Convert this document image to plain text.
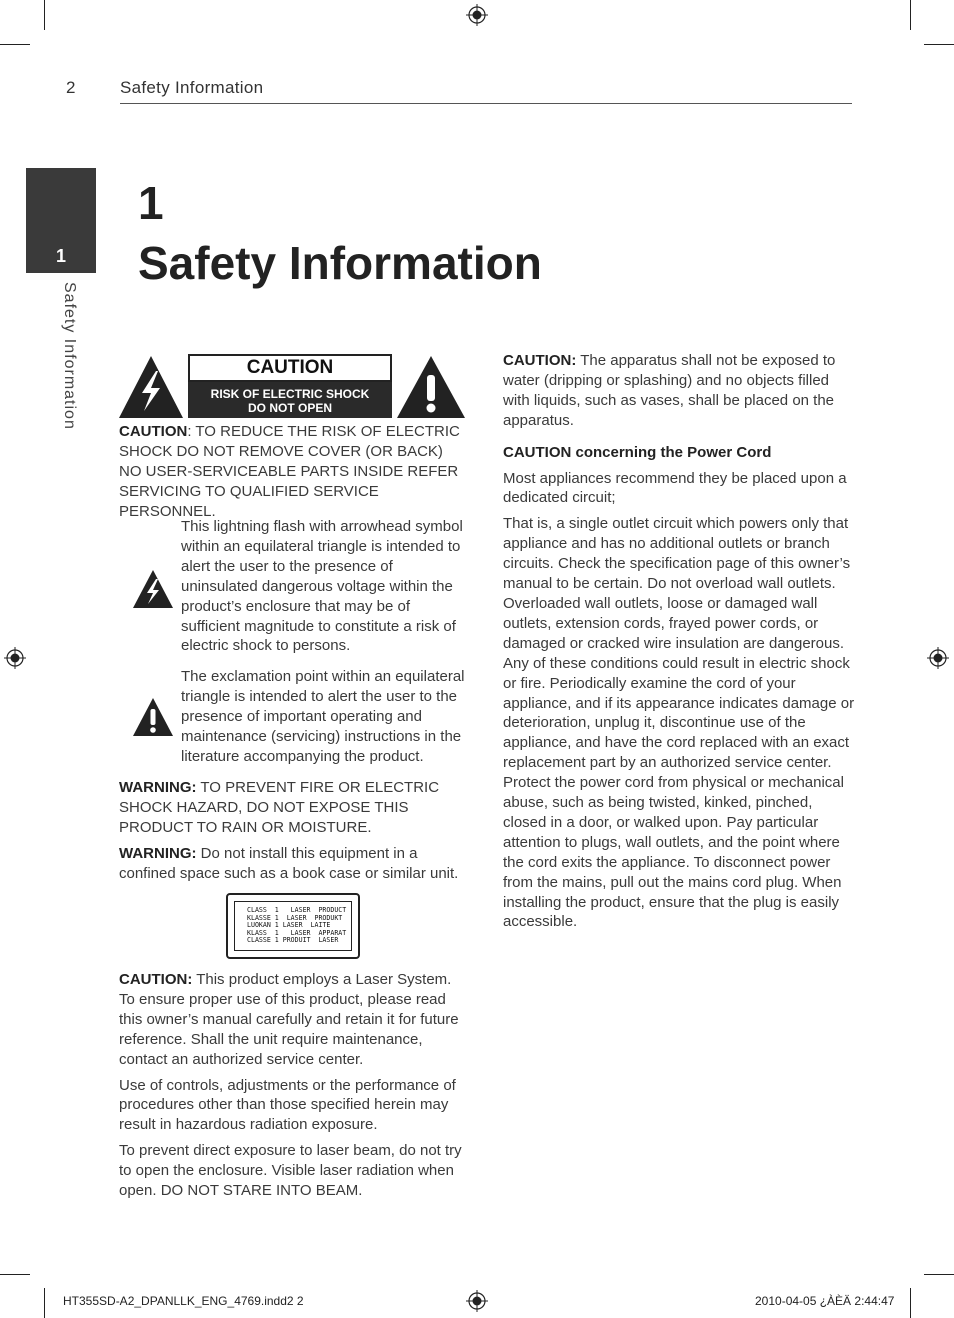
2	Safety Information
1
Safety Information
1
Safety Information
CAUTION
RISK OF ELECTRIC SHOCK
DO NOT OPEN

CAUTION: TO REDUCE THE RISK OF ELECTRIC SHOCK DO NOT REMOVE COVER (OR BACK) NO USER-SERVICEABLE PARTS INSIDE REFER SERVICING TO QUALIFIED SERVICE PERSONNEL.

This lightning flash with arrowhead symbol within an equilateral triangle is intended to alert the user to the presence of uninsulated dangerous voltage within the product’s enclosure that may be of sufficient magnitude to constitute a risk of electric shock to persons.
The exclamation point within an equilateral triangle is intended to alert the user to the presence of important operating and maintenance (servicing) instructions in the literature accompanying the product.

WARNING: TO PREVENT FIRE OR ELECTRIC SHOCK HAZARD, DO NOT EXPOSE THIS PRODUCT TO RAIN OR MOISTURE.

WARNING: Do not install this equipment in a confined space such as a book case or similar unit.

CLASS  1   LASER  PRODUCT
KLASSE 1  LASER  PRODUKT
LUOKAN 1 LASER  LAITE
KLASS  1   LASER  APPARAT
CLASSE 1 PRODUIT  LASER

CAUTION: This product employs a Laser System. To ensure proper use of this product, please read this owner’s manual carefully and retain it for future reference. Shall the unit require maintenance, contact an authorized service center.

Use of controls, adjustments or the performance of procedures other than those specified herein may result in hazardous radiation exposure.

To prevent direct exposure to laser beam, do not try to open the enclosure. Visible laser radiation when open. DO NOT STARE INTO BEAM.

CAUTION: The apparatus shall not be exposed to water (dripping or splashing) and no objects filled with liquids, such as vases, shall be placed on the apparatus.

CAUTION concerning the Power Cord

Most appliances recommend they be placed upon a dedicated circuit;

That is, a single outlet circuit which powers only that appliance and has no additional outlets or branch circuits. Check the specification page of this owner’s manual to be certain. Do not overload wall outlets. Overloaded wall outlets, loose or damaged wall outlets, extension cords, frayed power cords, or damaged or cracked wire insulation are dangerous. Any of these conditions could result in electric shock or fire. Periodically examine the cord of your appliance, and if its appearance indicates damage or deterioration, unplug it, discontinue use of the appliance, and have the cord replaced with an exact replacement part by an authorized service center. Protect the power cord from physical or mechanical abuse, such as being twisted, kinked, pinched, closed in a door, or walked upon. Pay particular attention to plugs, wall outlets, and the point where the cord exits the appliance. To disconnect power from the mains, pull out the mains cord plug. When installing the product, ensure that the plug is easily accessible.

HT355SD-A2_DPANLLK_ENG_4769.indd2 2	2010-04-05 ¿ÀÈÄ 2:44:47
